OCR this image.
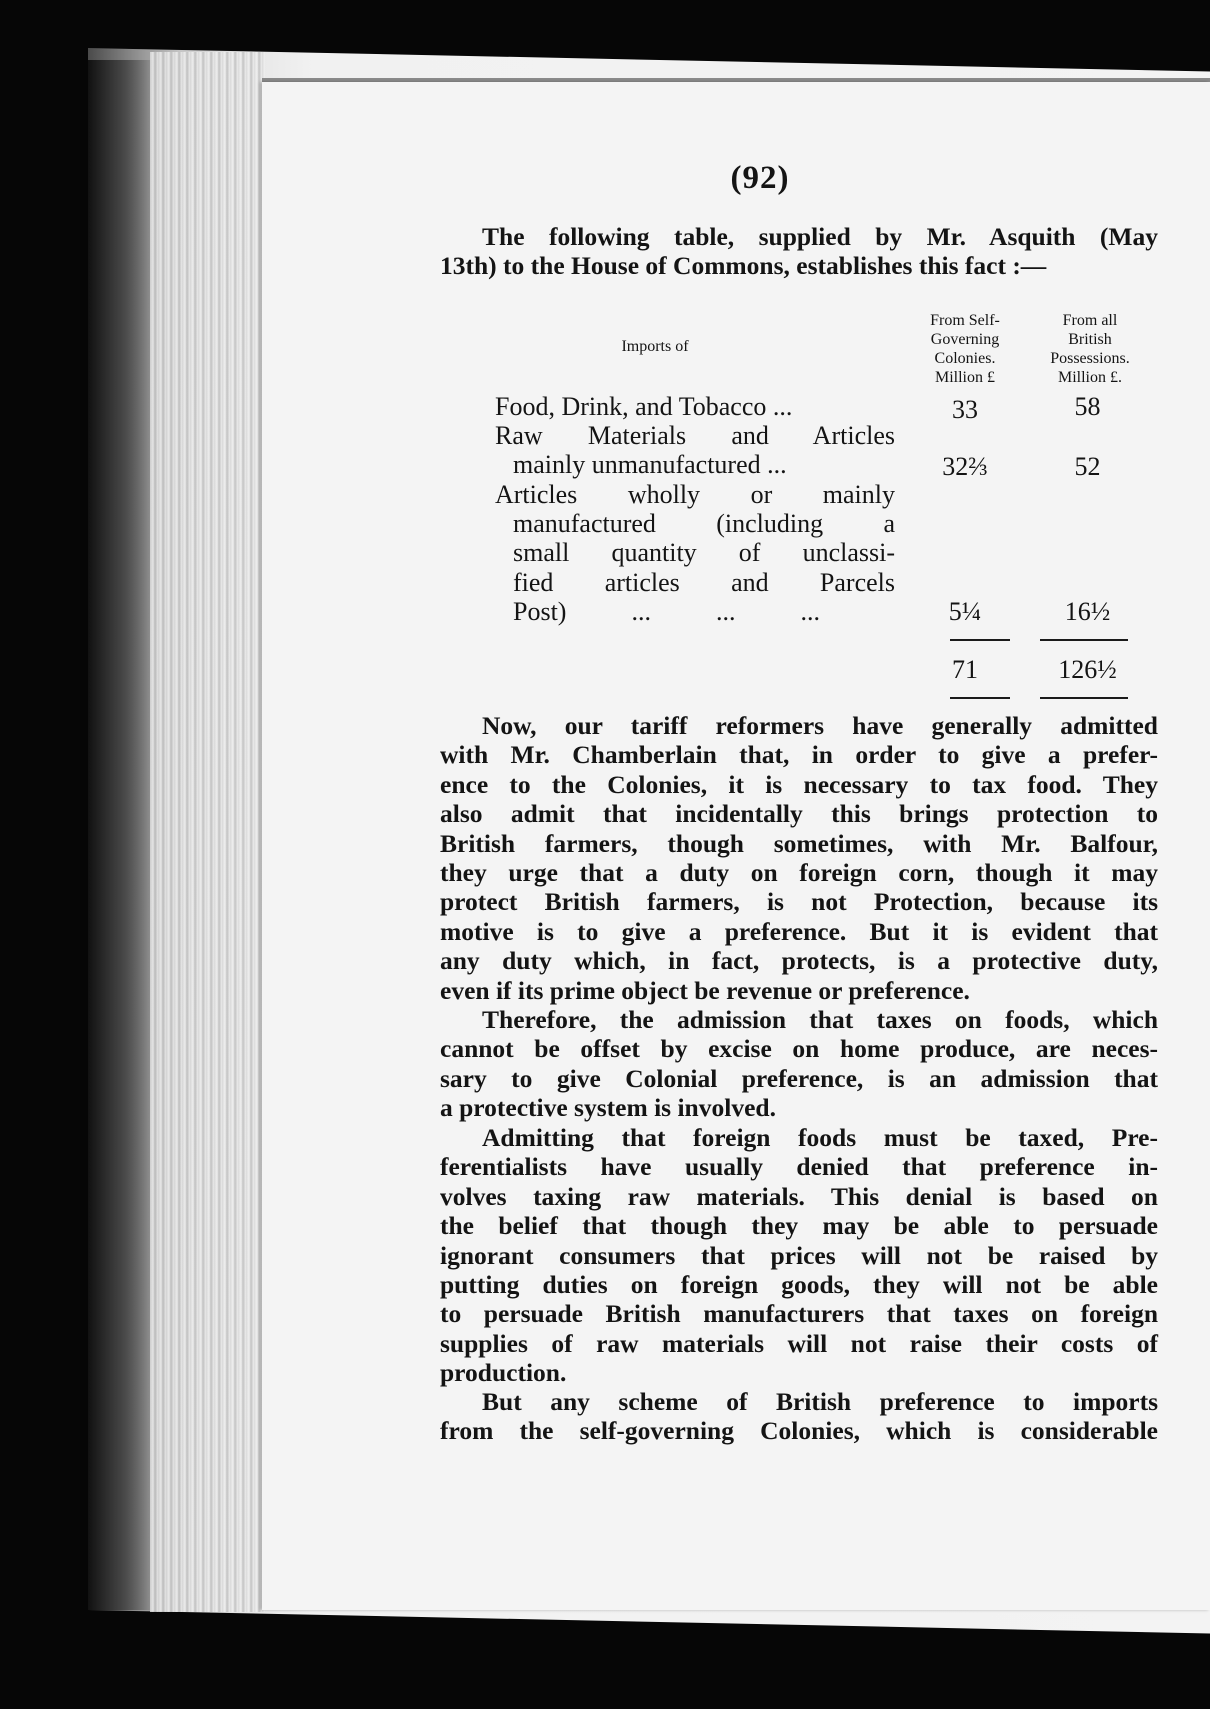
(92)

The following table, supplied by Mr. Asquith (May
13th) to the House of Commons, establishes this fact :—

Imports of
From Self-
Governing
Colonies.
Million £
From all
British
Possessions.
Million £.
Food, Drink, and Tobacco ...	33	58
Raw Materials and Articles
mainly unmanufactured ...	32⅔	52
Articles wholly or mainly
manufactured (including a
small quantity of unclassi-
fied articles and Parcels
Post)          ...          ...          ...	5¼	16½
71	126½

Now, our tariff reformers have generally admitted
with Mr. Chamberlain that, in order to give a prefer-
ence to the Colonies, it is necessary to tax food. They
also admit that incidentally this brings protection to
British farmers, though sometimes, with Mr. Balfour,
they urge that a duty on foreign corn, though it may
protect British farmers, is not Protection, because its
motive is to give a preference. But it is evident that
any duty which, in fact, protects, is a protective duty,
even if its prime object be revenue or preference.

Therefore, the admission that taxes on foods, which
cannot be offset by excise on home produce, are neces-
sary to give Colonial preference, is an admission that
a protective system is involved.

Admitting that foreign foods must be taxed, Pre-
ferentialists have usually denied that preference in-
volves taxing raw materials. This denial is based on
the belief that though they may be able to persuade
ignorant consumers that prices will not be raised by
putting duties on foreign goods, they will not be able
to persuade British manufacturers that taxes on foreign
supplies of raw materials will not raise their costs of
production.

But any scheme of British preference to imports
from the self-governing Colonies, which is considerable
